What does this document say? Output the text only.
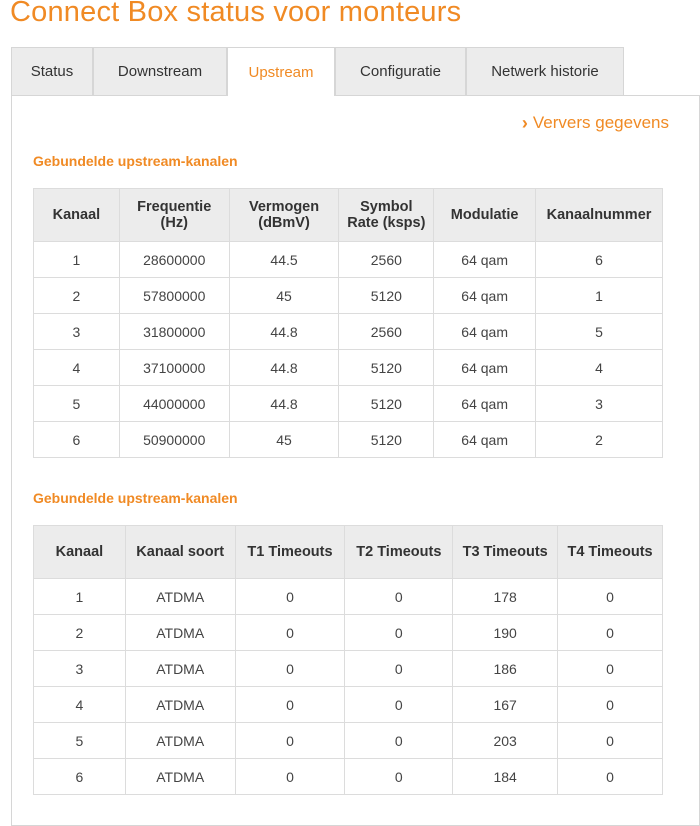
Connect Box status voor monteurs
Status	Downstream	Upstream	Configuratie	Netwerk historie
› Ververs gegevens
Gebundelde upstream-kanalen
Kanaal	Frequentie (Hz)	Vermogen (dBmV)	Symbol Rate (ksps)	Modulatie	Kanaalnummer
1	28600000	44.5	2560	64 qam	6
2	57800000	45	5120	64 qam	1
3	31800000	44.8	2560	64 qam	5
4	37100000	44.8	5120	64 qam	4
5	44000000	44.8	5120	64 qam	3
6	50900000	45	5120	64 qam	2
Gebundelde upstream-kanalen
Kanaal	Kanaal soort	T1 Timeouts	T2 Timeouts	T3 Timeouts	T4 Timeouts
1	ATDMA	0	0	178	0
2	ATDMA	0	0	190	0
3	ATDMA	0	0	186	0
4	ATDMA	0	0	167	0
5	ATDMA	0	0	203	0
6	ATDMA	0	0	184	0
